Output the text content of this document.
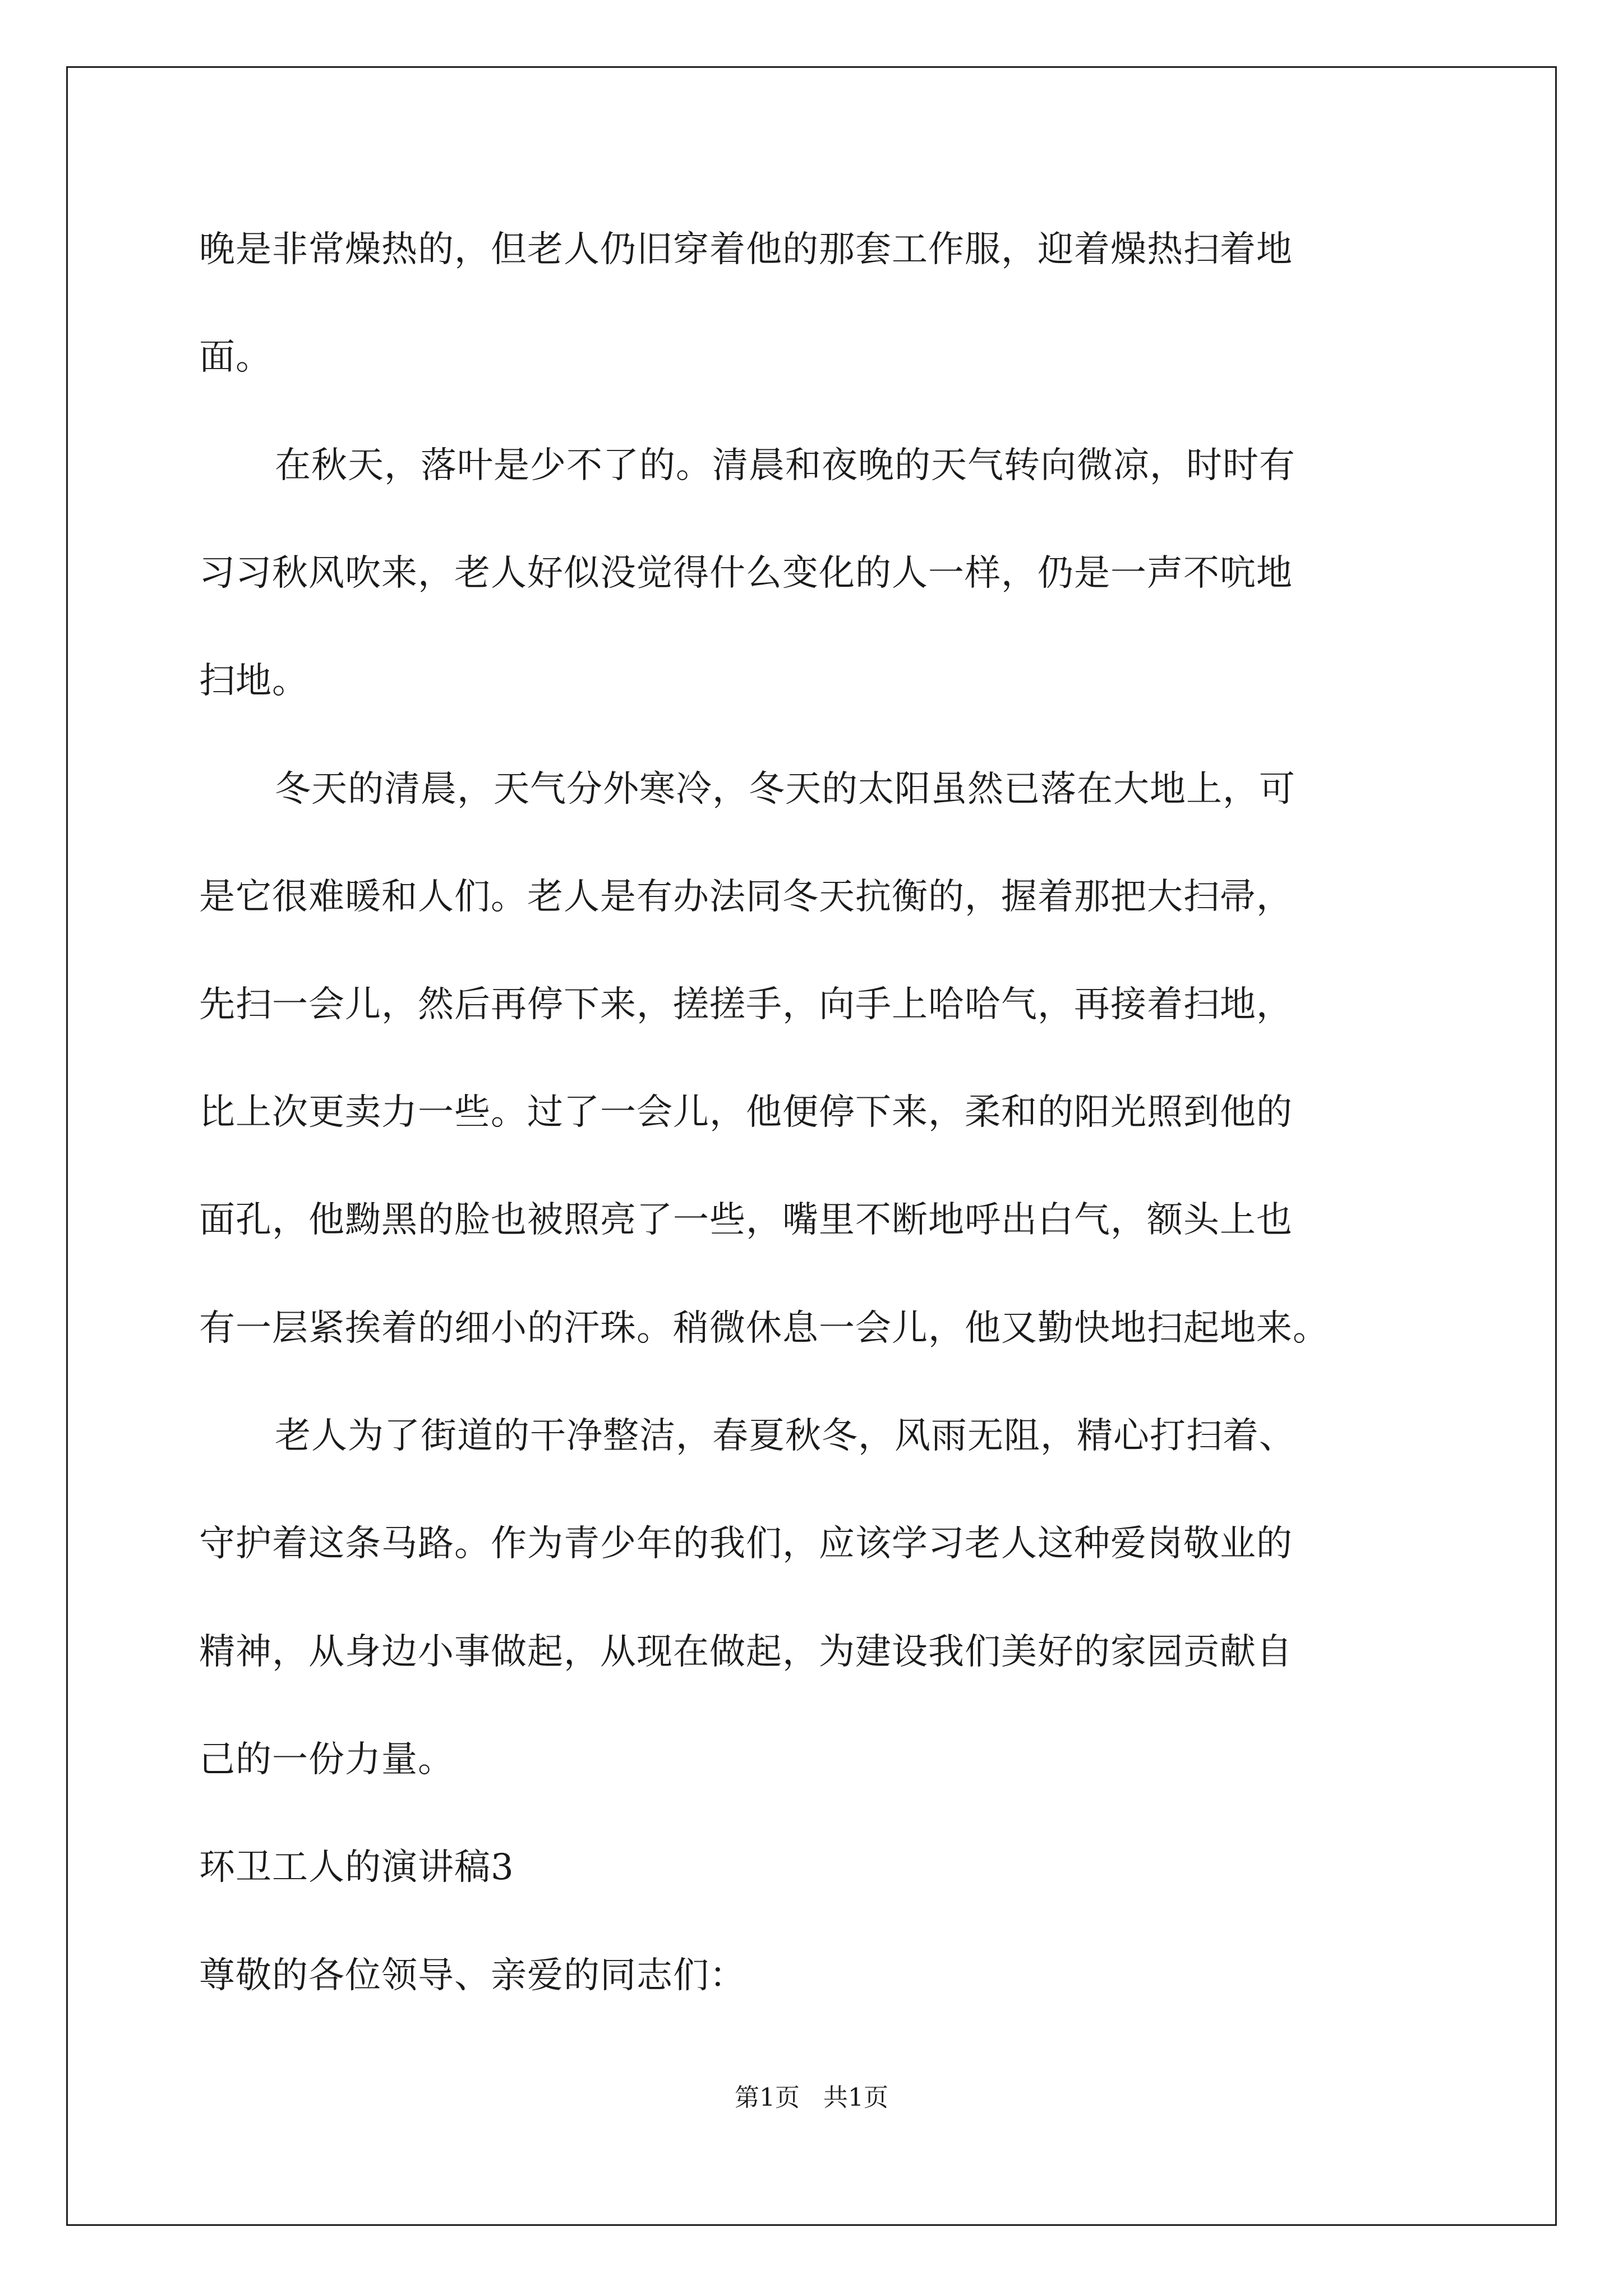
晚是非常燥热的，但老人仍旧穿着他的那套工作服，迎着燥热扫着地
面。
在秋天，落叶是少不了的。清晨和夜晚的天气转向微凉，时时有
习习秋风吹来，老人好似没觉得什么变化的人一样，仍是一声不吭地
扫地。
冬天的清晨，天气分外寒冷，冬天的太阳虽然已落在大地上，可
是它很难暖和人们。老人是有办法同冬天抗衡的，握着那把大扫帚，
先扫一会儿，然后再停下来，搓搓手，向手上哈哈气，再接着扫地，
比上次更卖力一些。过了一会儿，他便停下来，柔和的阳光照到他的
面孔，他黝黑的脸也被照亮了一些，嘴里不断地呼出白气，额头上也
有一层紧挨着的细小的汗珠。稍微休息一会儿，他又勤快地扫起地来。
老人为了街道的干净整洁，春夏秋冬，风雨无阻，精心打扫着、
守护着这条马路。作为青少年的我们，应该学习老人这种爱岗敬业的
精神，从身边小事做起，从现在做起，为建设我们美好的家园贡献自
己的一份力量。
环卫工人的演讲稿3
尊敬的各位领导、亲爱的同志们：
第1页   共1页
